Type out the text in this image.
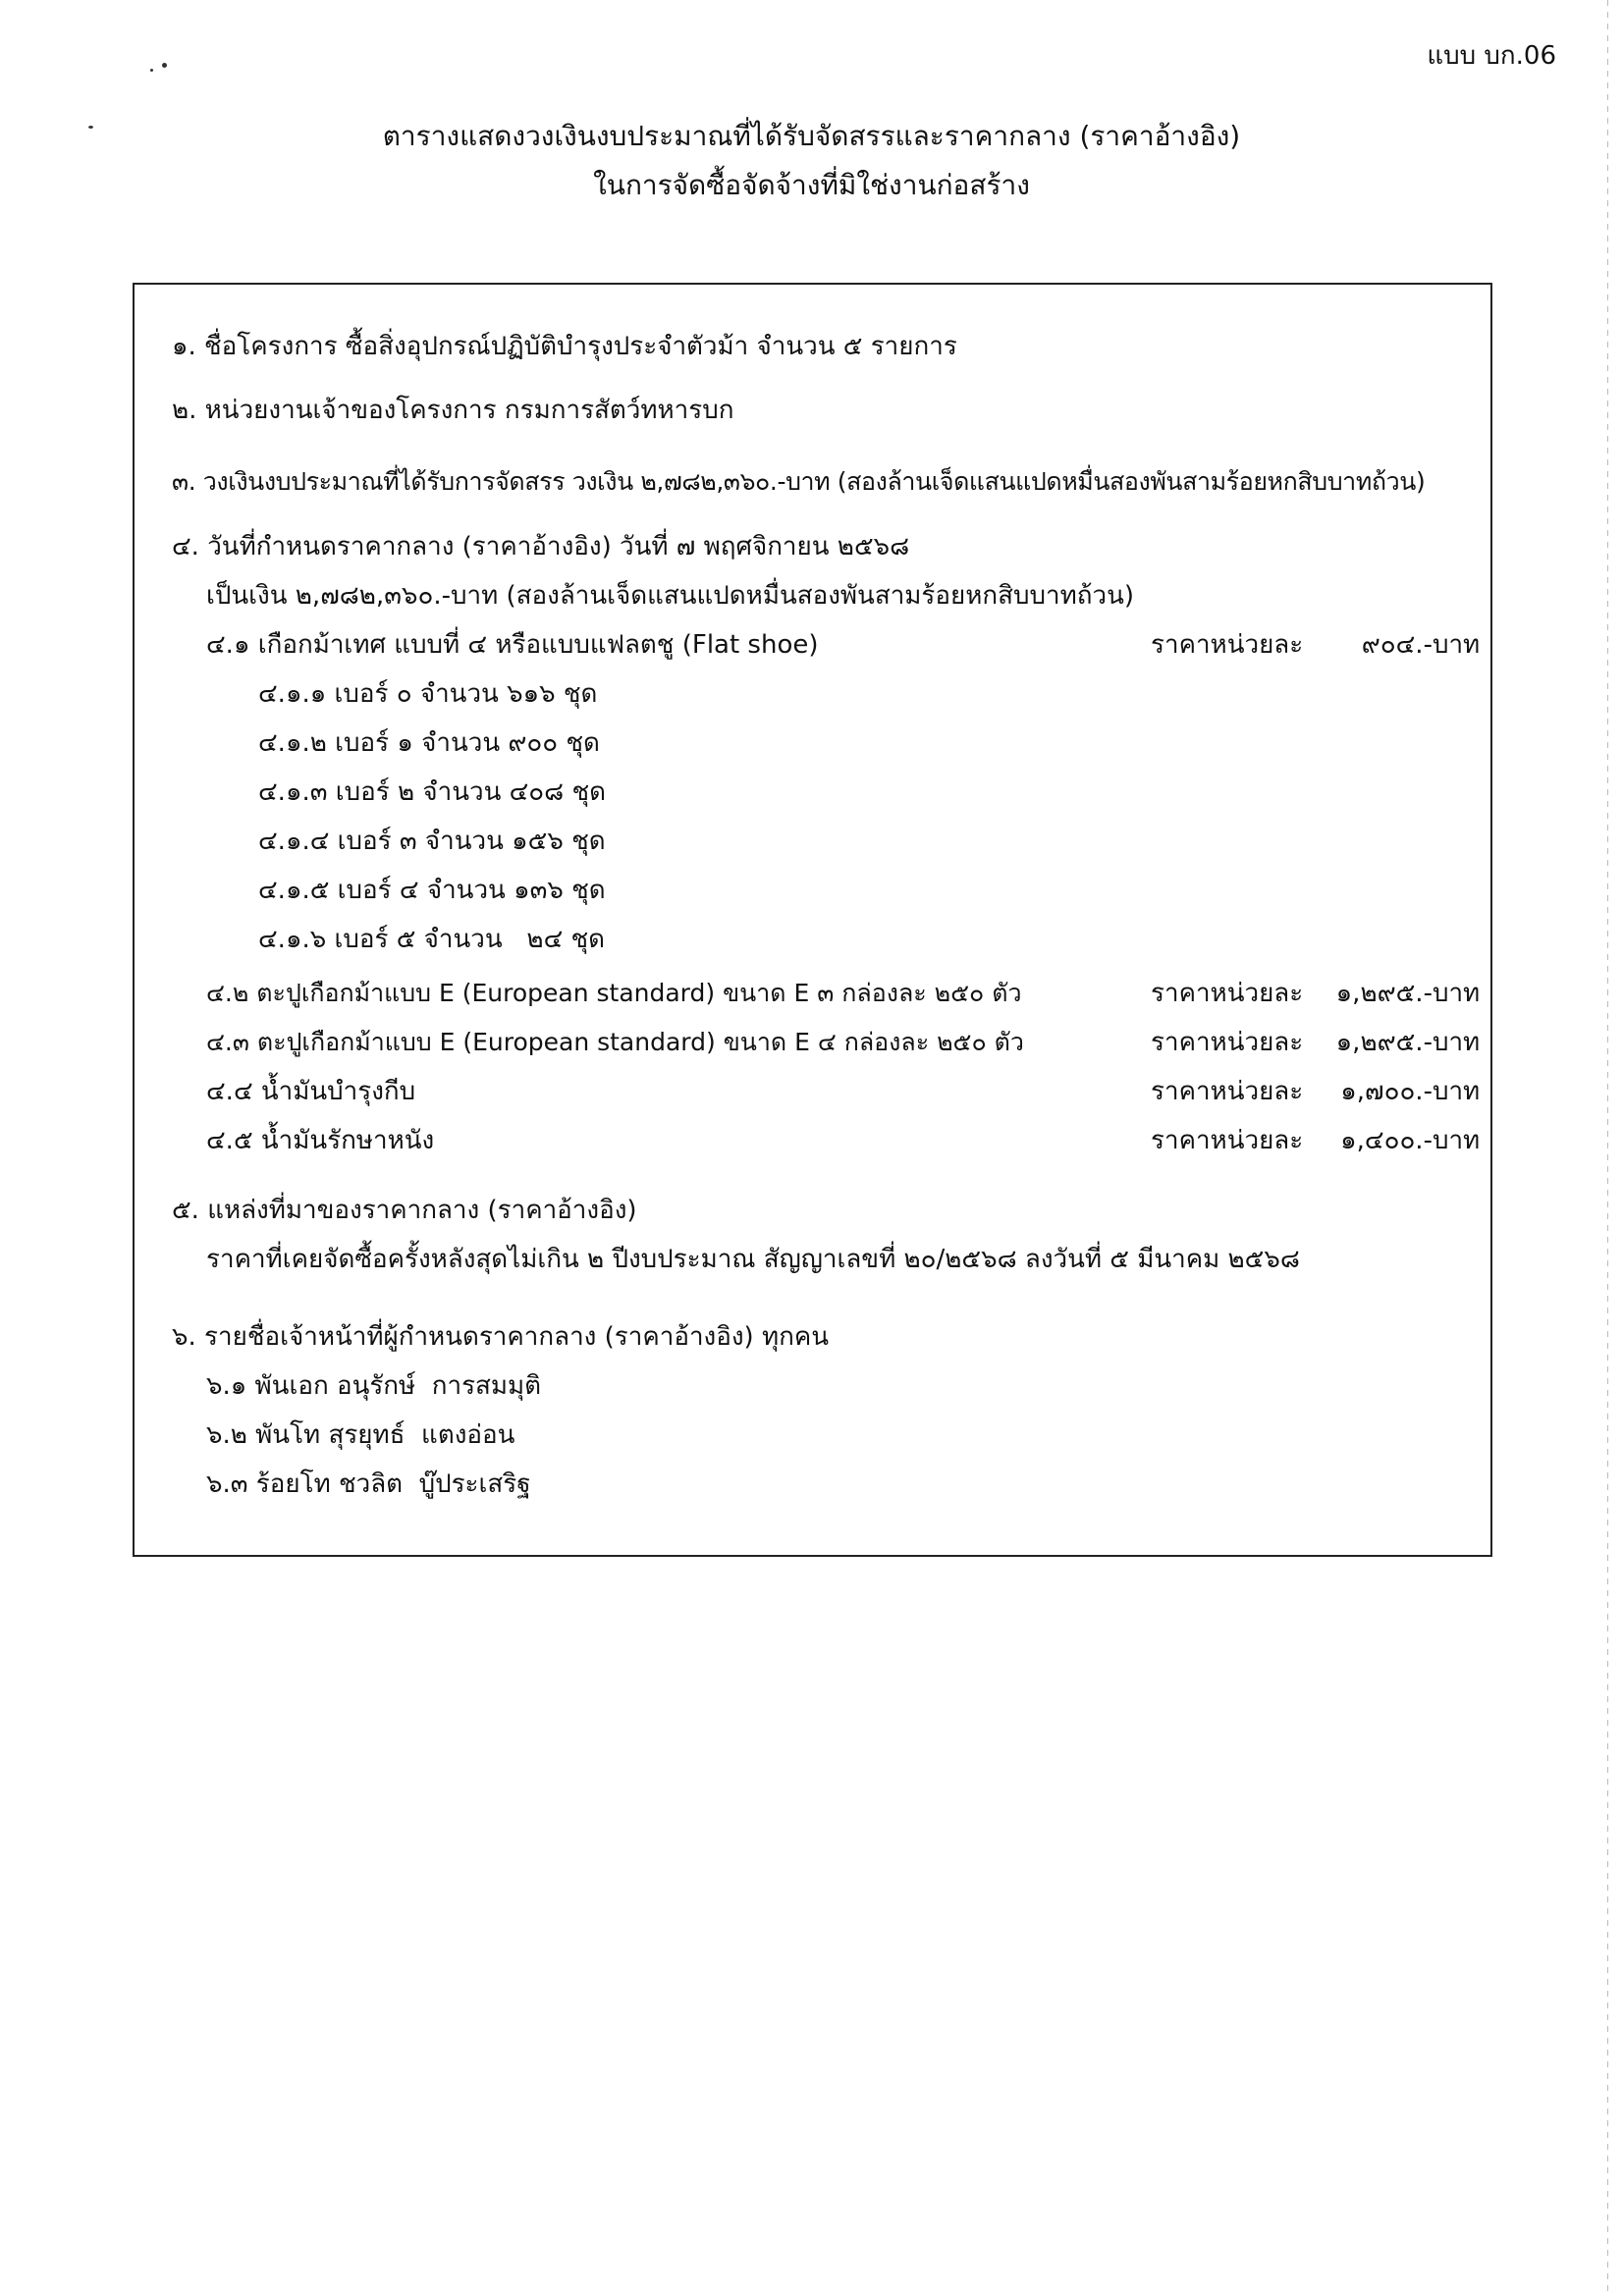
แบบ บก.06
ตารางแสดงวงเงินงบประมาณที่ได้รับจัดสรรและราคากลาง (ราคาอ้างอิง)
ในการจัดซื้อจัดจ้างที่มิใช่งานก่อสร้าง
๑. ชื่อโครงการ ซื้อสิ่งอุปกรณ์ปฏิบัติบำรุงประจำตัวม้า จำนวน ๕ รายการ
๒. หน่วยงานเจ้าของโครงการ กรมการสัตว์ทหารบก
๓. วงเงินงบประมาณที่ได้รับการจัดสรร วงเงิน ๒,๗๘๒,๓๖๐.-บาท (สองล้านเจ็ดแสนแปดหมื่นสองพันสามร้อยหกสิบบาทถ้วน)
๔. วันที่กำหนดราคากลาง (ราคาอ้างอิง) วันที่ ๗ พฤศจิกายน ๒๕๖๘
เป็นเงิน ๒,๗๘๒,๓๖๐.-บาท (สองล้านเจ็ดแสนแปดหมื่นสองพันสามร้อยหกสิบบาทถ้วน)
๔.๑ เกือกม้าเทศ แบบที่ ๔ หรือแบบแฟลตชู (Flat shoe)	ราคาหน่วยละ ๙๐๔.-บาท
๔.๑.๑ เบอร์ ๐ จำนวน ๖๑๖ ชุด
๔.๑.๒ เบอร์ ๑ จำนวน ๙๐๐ ชุด
๔.๑.๓ เบอร์ ๒ จำนวน ๔๐๘ ชุด
๔.๑.๔ เบอร์ ๓ จำนวน ๑๕๖ ชุด
๔.๑.๕ เบอร์ ๔ จำนวน ๑๓๖ ชุด
๔.๑.๖ เบอร์ ๕ จำนวน   ๒๔ ชุด
๔.๒ ตะปูเกือกม้าแบบ E (European standard) ขนาด E ๓ กล่องละ ๒๕๐ ตัว	ราคาหน่วยละ ๑,๒๙๕.-บาท
๔.๓ ตะปูเกือกม้าแบบ E (European standard) ขนาด E ๔ กล่องละ ๒๕๐ ตัว	ราคาหน่วยละ ๑,๒๙๕.-บาท
๔.๔ น้ำมันบำรุงกีบ	ราคาหน่วยละ ๑,๗๐๐.-บาท
๔.๕ น้ำมันรักษาหนัง	ราคาหน่วยละ ๑,๔๐๐.-บาท
๕. แหล่งที่มาของราคากลาง (ราคาอ้างอิง)
ราคาที่เคยจัดซื้อครั้งหลังสุดไม่เกิน ๒ ปีงบประมาณ สัญญาเลขที่ ๒๐/๒๕๖๘ ลงวันที่ ๕ มีนาคม ๒๕๖๘
๖. รายชื่อเจ้าหน้าที่ผู้กำหนดราคากลาง (ราคาอ้างอิง) ทุกคน
๖.๑ พันเอก อนุรักษ์  การสมมุติ
๖.๒ พันโท สุรยุทธ์  แตงอ่อน
๖.๓ ร้อยโท ชวลิต  บู๊ประเสริฐ
